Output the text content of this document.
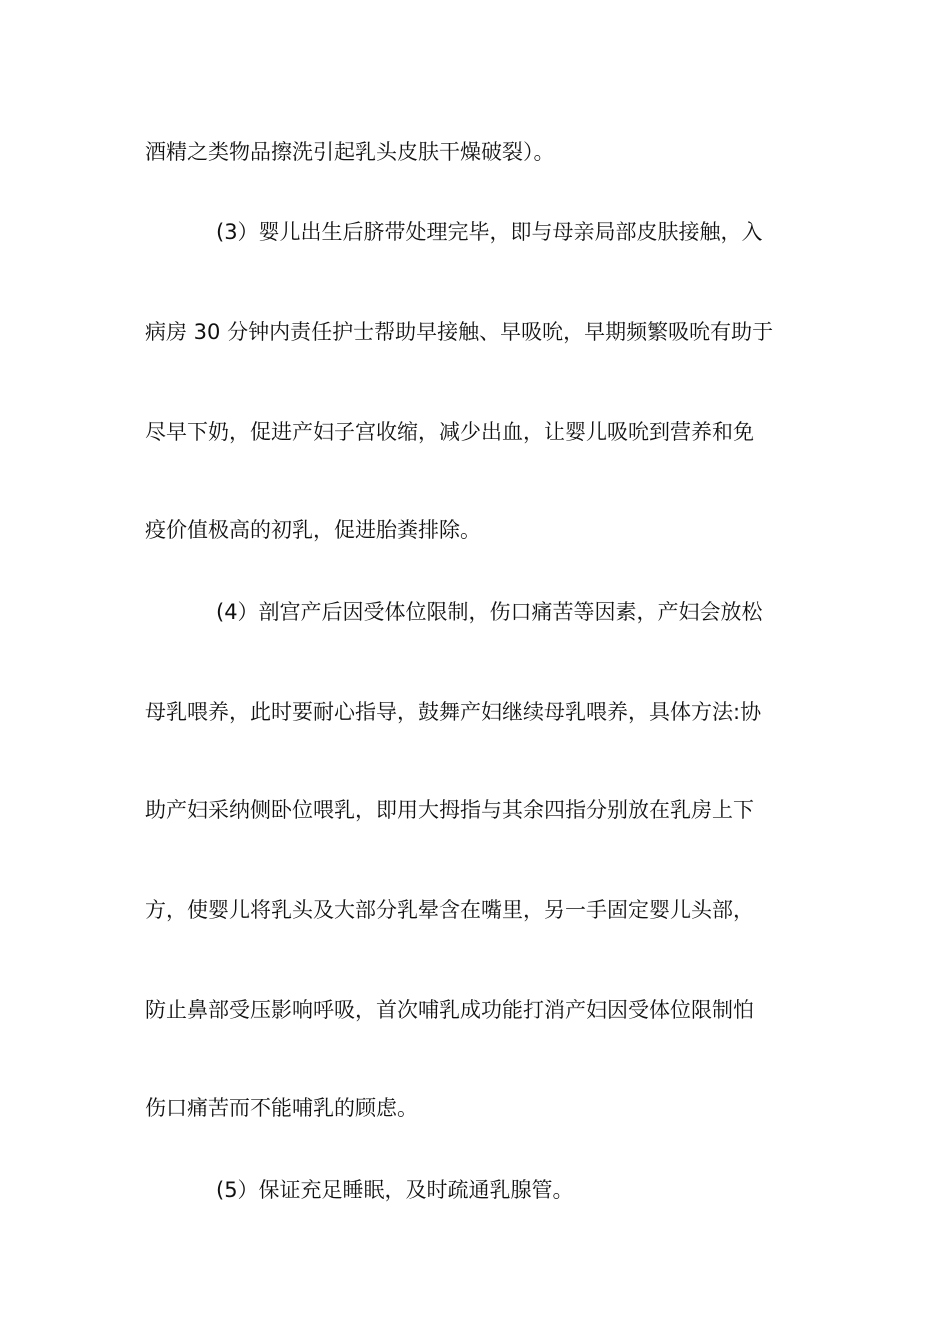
酒精之类物品擦洗引起乳头皮肤干燥破裂）。
(3）婴儿出生后脐带处理完毕，即与母亲局部皮肤接触，入
病房 30 分钟内责任护士帮助早接触、早吸吮，早期频繁吸吮有助于
尽早下奶，促进产妇子宫收缩，减少出血，让婴儿吸吮到营养和免
疫价值极高的初乳，促进胎粪排除。
(4）剖宫产后因受体位限制，伤口痛苦等因素，产妇会放松
母乳喂养，此时要耐心指导，鼓舞产妇继续母乳喂养，具体方法:协
助产妇采纳侧卧位喂乳，即用大拇指与其余四指分别放在乳房上下
方，使婴儿将乳头及大部分乳晕含在嘴里，另一手固定婴儿头部，
防止鼻部受压影响呼吸，首次哺乳成功能打消产妇因受体位限制怕
伤口痛苦而不能哺乳的顾虑。
(5）保证充足睡眠，及时疏通乳腺管。
